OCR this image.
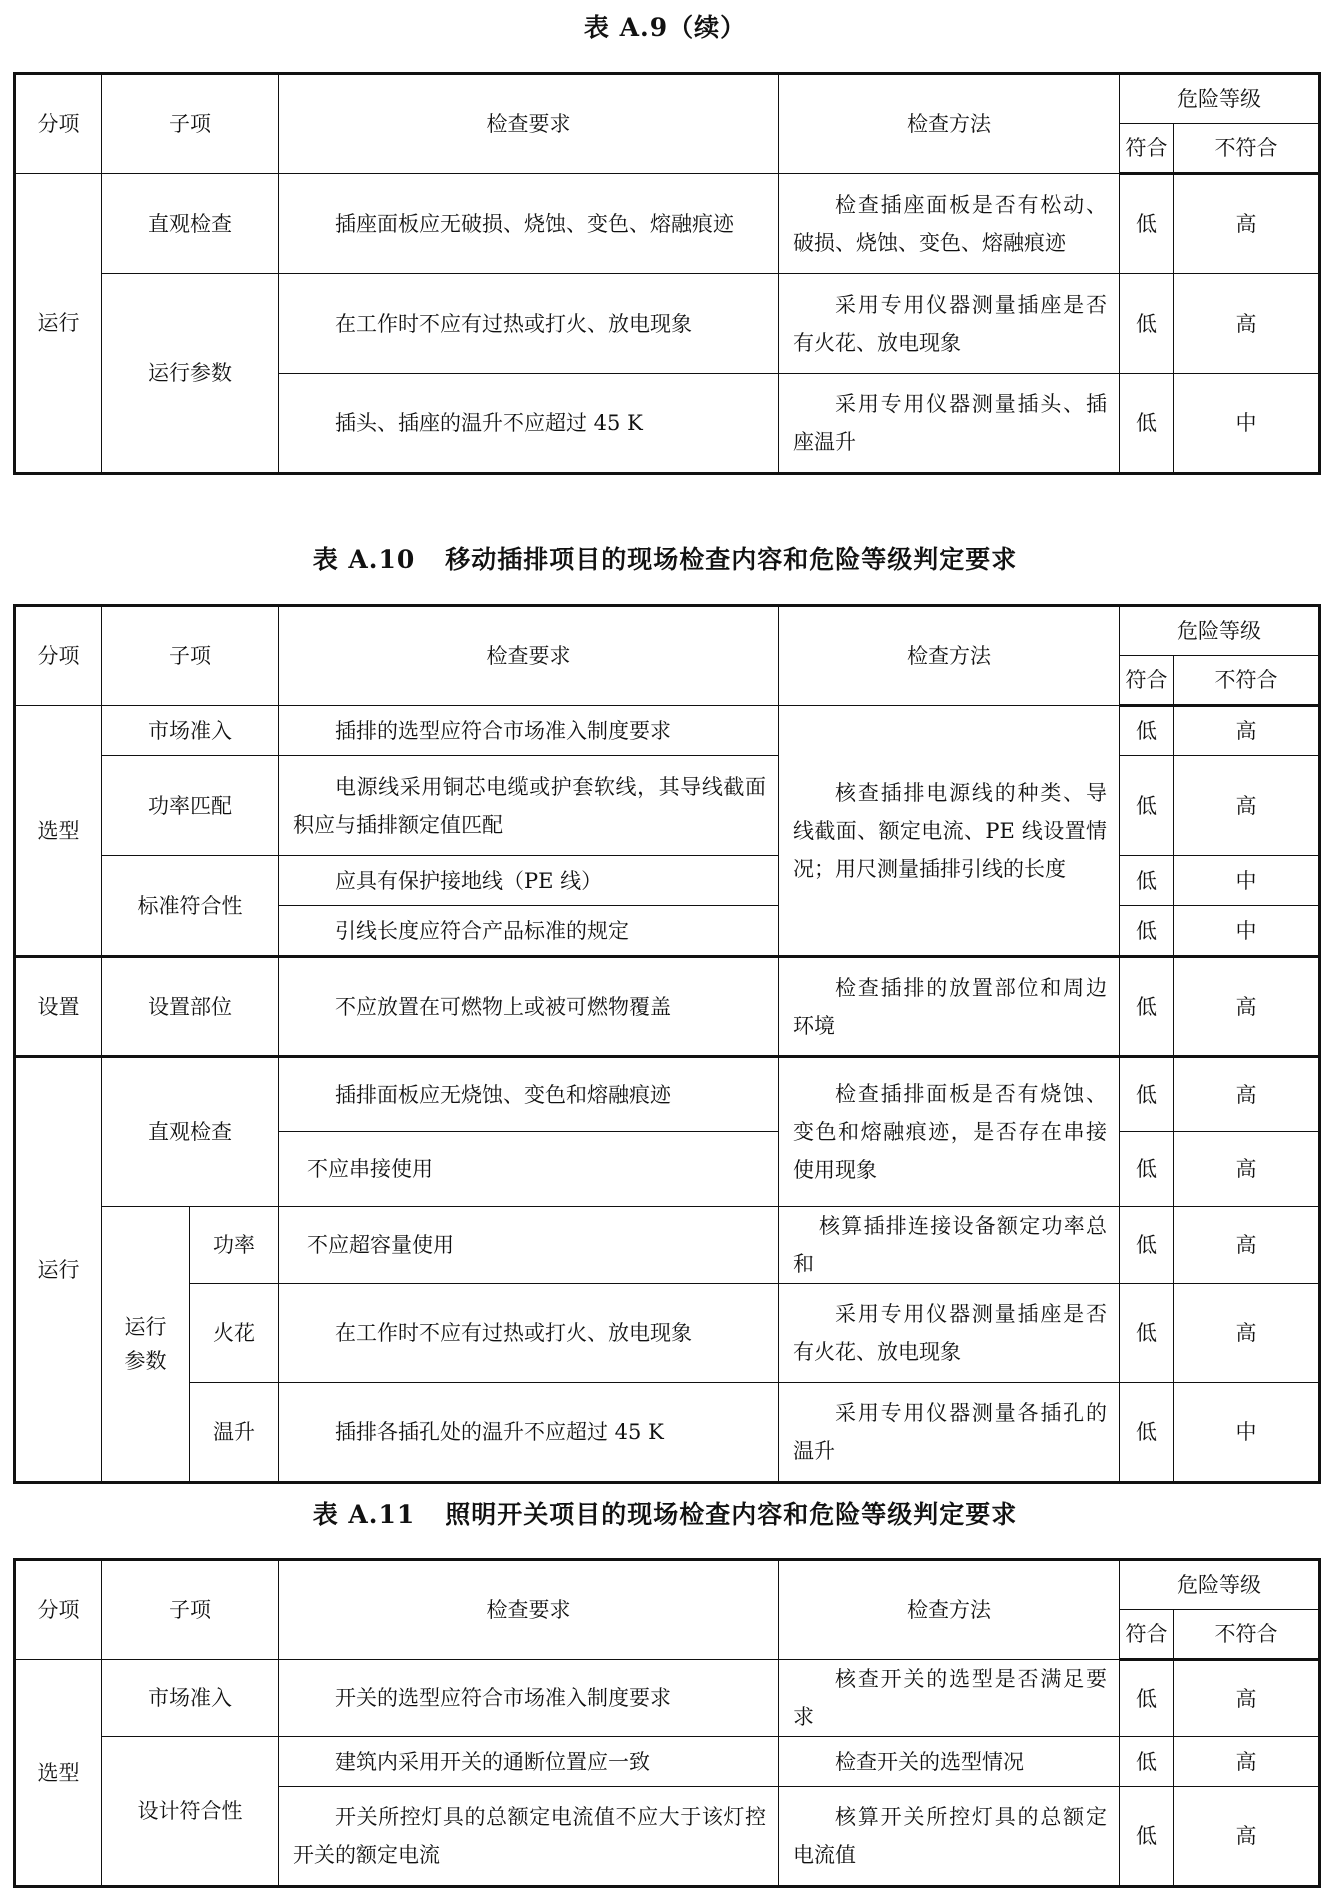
表 A.9（续）
分项	子项	检查要求	检查方法	危险等级	
				符合	不符合
运行	直观检查	插座面板应无破损、烧蚀、变色、熔融痕迹	检查插座面板是否有松动、破损、烧蚀、变色、熔融痕迹	低	高
	运行参数	在工作时不应有过热或打火、放电现象	采用专用仪器测量插座是否有火花、放电现象	低	高
		插头、插座的温升不应超过 45 K	采用专用仪器测量插头、插座温升	低	中
表 A.10 移动插排项目的现场检查内容和危险等级判定要求
分项	子项		检查要求	检查方法	危险等级	
					符合	不符合
选型	市场准入		插排的选型应符合市场准入制度要求	核查插排电源线的种类、导线截面、额定电流、PE 线设置情况；用尺测量插排引线的长度	低	高
	功率匹配		电源线采用铜芯电缆或护套软线，其导线截面积应与插排额定值匹配		低	高
	标准符合性		应具有保护接地线（PE 线）		低	中
			引线长度应符合产品标准的规定		低	中
设置	设置部位		不应放置在可燃物上或被可燃物覆盖	检查插排的放置部位和周边环境	低	高
运行	直观检查		插排面板应无烧蚀、变色和熔融痕迹	检查插排面板是否有烧蚀、变色和熔融痕迹，是否存在串接使用现象	低	高
			不应串接使用		低	高
	运行参数	功率	不应超容量使用	核算插排连接设备额定功率总和	低	高
		火花	在工作时不应有过热或打火、放电现象	采用专用仪器测量插座是否有火花、放电现象	低	高
		温升	插排各插孔处的温升不应超过 45 K	采用专用仪器测量各插孔的温升	低	中
表 A.11 照明开关项目的现场检查内容和危险等级判定要求
分项	子项	检查要求	检查方法	危险等级	
				符合	不符合
选型	市场准入	开关的选型应符合市场准入制度要求	核查开关的选型是否满足要求	低	高
	设计符合性	建筑内采用开关的通断位置应一致	检查开关的选型情况	低	高
		开关所控灯具的总额定电流值不应大于该灯控开关的额定电流	核算开关所控灯具的总额定电流值	低	高
